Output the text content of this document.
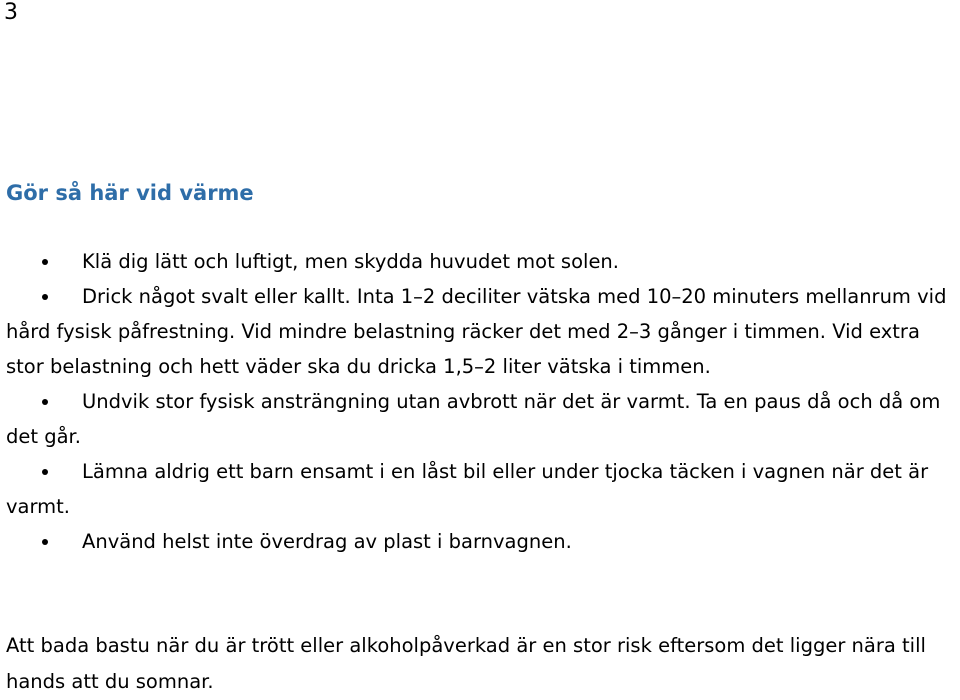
3
Gör så här vid värme
Klä dig lätt och luftigt, men skydda huvudet mot solen.
Drick något svalt eller kallt. Inta 1–2 deciliter vätska med 10–20 minuters mellanrum vid hård fysisk påfrestning. Vid mindre belastning räcker det med 2–3 gånger i timmen. Vid extra stor belastning och hett väder ska du dricka 1,5–2 liter vätska i timmen.
Undvik stor fysisk ansträngning utan avbrott när det är varmt. Ta en paus då och då om det går.
Lämna aldrig ett barn ensamt i en låst bil eller under tjocka täcken i vagnen när det är varmt.
Använd helst inte överdrag av plast i barnvagnen.

Att bada bastu när du är trött eller alkoholpåverkad är en stor risk eftersom det ligger nära till hands att du somnar.
